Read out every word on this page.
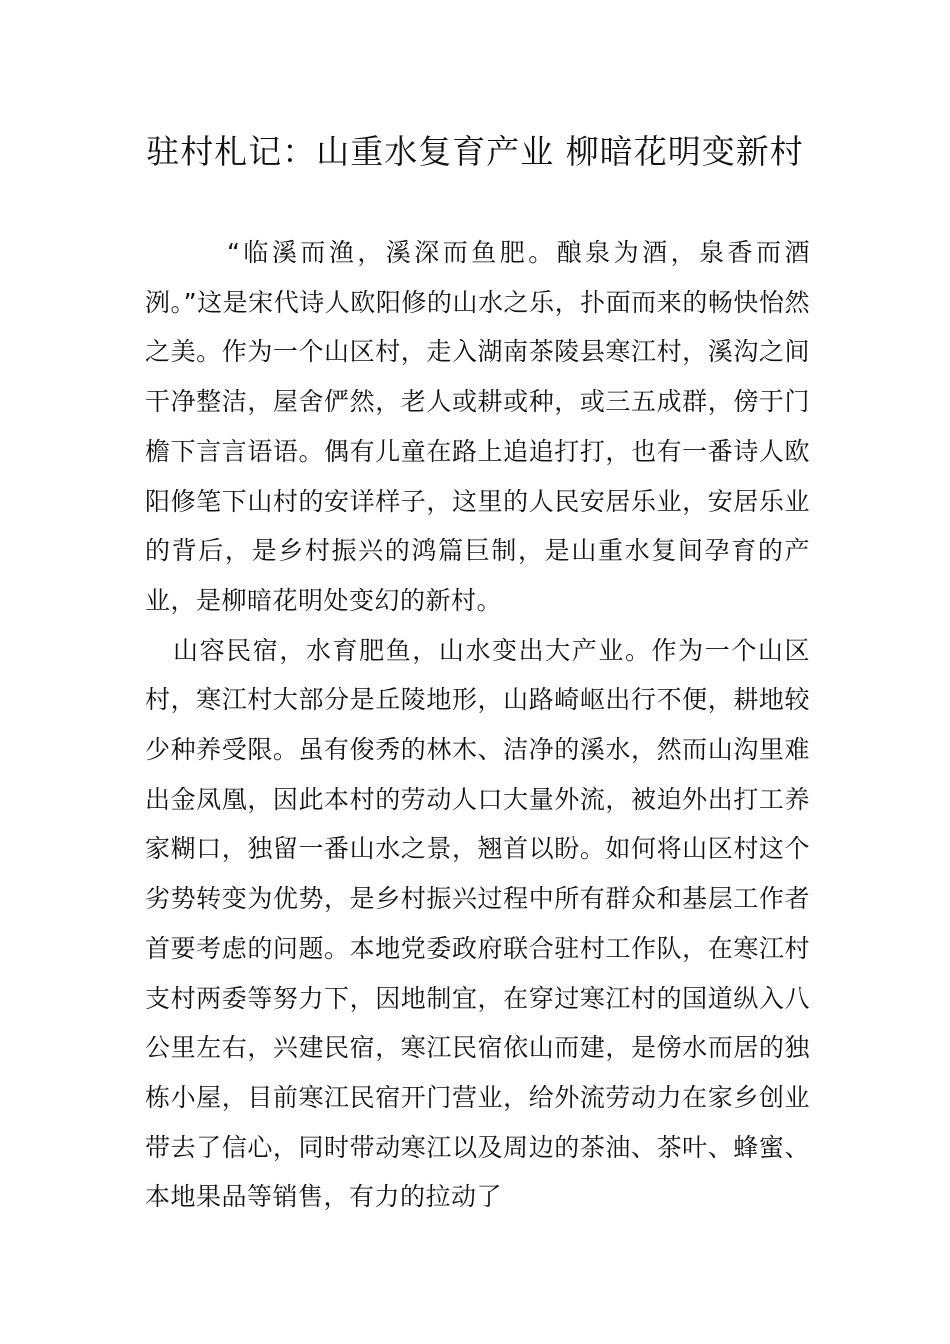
驻村札记：山重水复育产业 柳暗花明变新村

“临溪而渔，溪深而鱼肥。酿泉为酒，泉香而酒洌。”这是宋代诗人欧阳修的山水之乐，扑面而来的畅快怡然之美。作为一个山区村，走入湖南茶陵县寒江村，溪沟之间干净整洁，屋舍俨然，老人或耕或种，或三五成群，傍于门檐下言言语语。偶有儿童在路上追追打打，也有一番诗人欧阳修笔下山村的安详样子，这里的人民安居乐业，安居乐业的背后，是乡村振兴的鸿篇巨制，是山重水复间孕育的产业，是柳暗花明处变幻的新村。

山容民宿，水育肥鱼，山水变出大产业。作为一个山区村，寒江村大部分是丘陵地形，山路崎岖出行不便，耕地较少种养受限。虽有俊秀的林木、洁净的溪水，然而山沟里难出金凤凰，因此本村的劳动人口大量外流，被迫外出打工养家糊口，独留一番山水之景，翘首以盼。如何将山区村这个劣势转变为优势，是乡村振兴过程中所有群众和基层工作者首要考虑的问题。本地党委政府联合驻村工作队，在寒江村支村两委等努力下，因地制宜，在穿过寒江村的国道纵入八公里左右，兴建民宿，寒江民宿依山而建，是傍水而居的独栋小屋，目前寒江民宿开门营业，给外流劳动力在家乡创业带去了信心，同时带动寒江以及周边的茶油、茶叶、蜂蜜、本地果品等销售，有力的拉动了
